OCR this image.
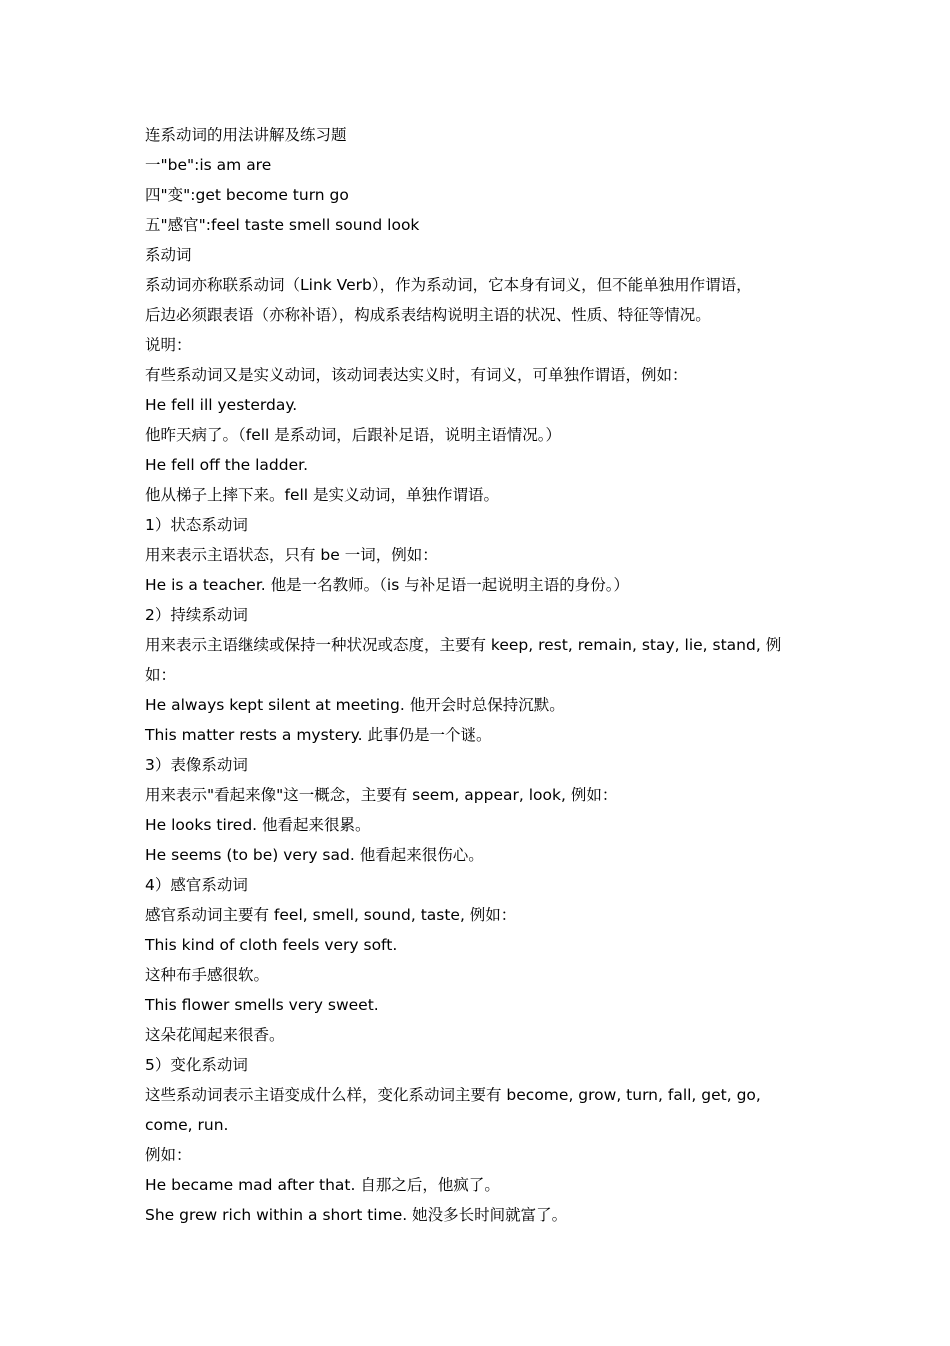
连系动词的用法讲解及练习题
一"be":is am are
四"变":get become turn go
五"感官":feel taste smell sound look
系动词
系动词亦称联系动词（Link Verb），作为系动词，它本身有词义，但不能单独用作谓语，
后边必须跟表语（亦称补语），构成系表结构说明主语的状况、性质、特征等情况。
说明：
有些系动词又是实义动词，该动词表达实义时，有词义，可单独作谓语，例如：
He fell ill yesterday.
他昨天病了。（fell 是系动词，后跟补足语，说明主语情况。）
He fell off the ladder.
他从梯子上摔下来。fell 是实义动词，单独作谓语。
1）状态系动词
用来表示主语状态，只有 be 一词，例如：
He is a teacher. 他是一名教师。（is 与补足语一起说明主语的身份。）
2）持续系动词
用来表示主语继续或保持一种状况或态度，主要有 keep, rest, remain, stay, lie, stand, 例
如：
He always kept silent at meeting. 他开会时总保持沉默。
This matter rests a mystery. 此事仍是一个谜。
3）表像系动词
用来表示"看起来像"这一概念，主要有 seem, appear, look, 例如：
He looks tired. 他看起来很累。
He seems (to be) very sad. 他看起来很伤心。
4）感官系动词
感官系动词主要有 feel, smell, sound, taste, 例如：
This kind of cloth feels very soft.
这种布手感很软。
This flower smells very sweet.
这朵花闻起来很香。
5）变化系动词
这些系动词表示主语变成什么样，变化系动词主要有 become, grow, turn, fall, get, go,
come, run.
例如：
He became mad after that. 自那之后，他疯了。
She grew rich within a short time. 她没多长时间就富了。
